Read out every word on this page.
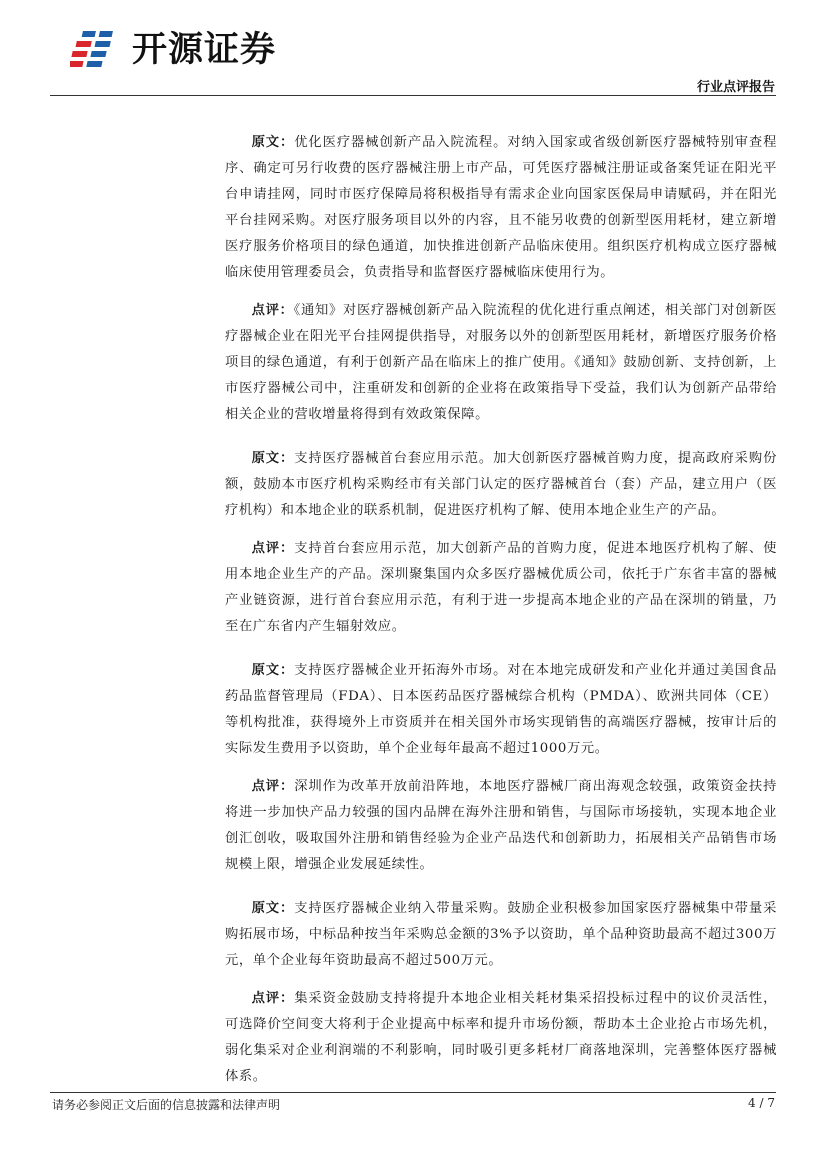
开源证券
行业点评报告

原文：优化医疗器械创新产品入院流程。对纳入国家或省级创新医疗器械特别审查程序、确定可另行收费的医疗器械注册上市产品，可凭医疗器械注册证或备案凭证在阳光平台申请挂网，同时市医疗保障局将积极指导有需求企业向国家医保局申请赋码，并在阳光平台挂网采购。对医疗服务项目以外的内容，且不能另收费的创新型医用耗材，建立新增医疗服务价格项目的绿色通道，加快推进创新产品临床使用。组织医疗机构成立医疗器械临床使用管理委员会，负责指导和监督医疗器械临床使用行为。

点评：《通知》对医疗器械创新产品入院流程的优化进行重点阐述，相关部门对创新医疗器械企业在阳光平台挂网提供指导，对服务以外的创新型医用耗材，新增医疗服务价格项目的绿色通道，有利于创新产品在临床上的推广使用。《通知》鼓励创新、支持创新，上市医疗器械公司中，注重研发和创新的企业将在政策指导下受益，我们认为创新产品带给相关企业的营收增量将得到有效政策保障。

原文：支持医疗器械首台套应用示范。加大创新医疗器械首购力度，提高政府采购份额，鼓励本市医疗机构采购经市有关部门认定的医疗器械首台（套）产品，建立用户（医疗机构）和本地企业的联系机制，促进医疗机构了解、使用本地企业生产的产品。

点评：支持首台套应用示范，加大创新产品的首购力度，促进本地医疗机构了解、使用本地企业生产的产品。深圳聚集国内众多医疗器械优质公司，依托于广东省丰富的器械产业链资源，进行首台套应用示范，有利于进一步提高本地企业的产品在深圳的销量，乃至在广东省内产生辐射效应。

原文：支持医疗器械企业开拓海外市场。对在本地完成研发和产业化并通过美国食品药品监督管理局（FDA）、日本医药品医疗器械综合机构（PMDA）、欧洲共同体（CE）等机构批准，获得境外上市资质并在相关国外市场实现销售的高端医疗器械，按审计后的实际发生费用予以资助，单个企业每年最高不超过1000万元。

点评：深圳作为改革开放前沿阵地，本地医疗器械厂商出海观念较强，政策资金扶持将进一步加快产品力较强的国内品牌在海外注册和销售，与国际市场接轨，实现本地企业创汇创收，吸取国外注册和销售经验为企业产品迭代和创新助力，拓展相关产品销售市场规模上限，增强企业发展延续性。

原文：支持医疗器械企业纳入带量采购。鼓励企业积极参加国家医疗器械集中带量采购拓展市场，中标品种按当年采购总金额的3%予以资助，单个品种资助最高不超过300万元，单个企业每年资助最高不超过500万元。

点评：集采资金鼓励支持将提升本地企业相关耗材集采招投标过程中的议价灵活性，可选降价空间变大将利于企业提高中标率和提升市场份额，帮助本土企业抢占市场先机，弱化集采对企业利润端的不利影响，同时吸引更多耗材厂商落地深圳，完善整体医疗器械体系。

请务必参阅正文后面的信息披露和法律声明	4 / 7
